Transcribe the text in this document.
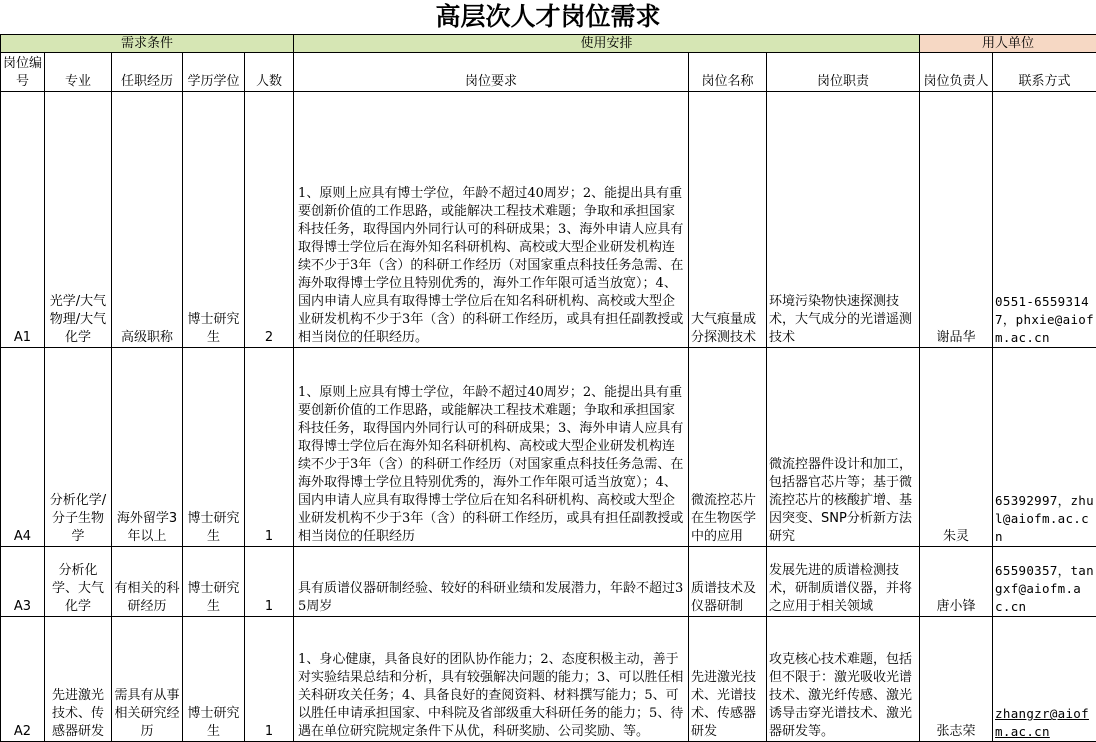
高层次人才岗位需求
需求条件					使用安排			用人单位	
岗位编号	专业	任职经历	学历学位	人数	岗位要求	岗位名称	岗位职责	岗位负责人	联系方式
A1	光学/大气物理/大气化学	高级职称	博士研究生	2	1、原则上应具有博士学位，年龄不超过40周岁；2、能提出具有重要创新价值的工作思路，或能解决工程技术难题；争取和承担国家科技任务，取得国内外同行认可的科研成果；3、海外申请人应具有取得博士学位后在海外知名科研机构、高校或大型企业研发机构连续不少于3年（含）的科研工作经历（对国家重点科技任务急需、在海外取得博士学位且特别优秀的，海外工作年限可适当放宽）；4、国内申请人应具有取得博士学位后在知名科研机构、高校或大型企业研发机构不少于3年（含）的科研工作经历，或具有担任副教授或相当岗位的任职经历。	大气痕量成分探测技术	环境污染物快速探测技术，大气成分的光谱遥测技术	谢品华	0551-65593147，phxie@aiofm.ac.cn
A4	分析化学/分子生物学	海外留学3年以上	博士研究生	1	1、原则上应具有博士学位，年龄不超过40周岁；2、能提出具有重要创新价值的工作思路，或能解决工程技术难题；争取和承担国家科技任务，取得国内外同行认可的科研成果；3、海外申请人应具有取得博士学位后在海外知名科研机构、高校或大型企业研发机构连续不少于3年（含）的科研工作经历（对国家重点科技任务急需、在海外取得博士学位且特别优秀的，海外工作年限可适当放宽）；4、国内申请人应具有取得博士学位后在知名科研机构、高校或大型企业研发机构不少于3年（含）的科研工作经历，或具有担任副教授或相当岗位的任职经历	微流控芯片在生物医学中的应用	微流控器件设计和加工，包括器官芯片等；基于微流控芯片的核酸扩增、基因突变、SNP分析新方法研究	朱灵	65392997，zhul@aiofm.ac.cn
A3	分析化学、大气化学	有相关的科研经历	博士研究生	1	具有质谱仪器研制经验、较好的科研业绩和发展潜力，年龄不超过35周岁	质谱技术及仪器研制	发展先进的质谱检测技术，研制质谱仪器，并将之应用于相关领域	唐小锋	65590357，tangxf@aiofm.ac.cn
A2	先进激光技术、传感器研发	需具有从事相关研究经历	博士研究生	1	1、身心健康，具备良好的团队协作能力；2、态度积极主动，善于对实验结果总结和分析，具有较强解决问题的能力；3、可以胜任相关科研攻关任务；4、具备良好的查阅资料、材料撰写能力；5、可以胜任申请承担国家、中科院及省部级重大科研任务的能力；5、待遇在单位研究院规定条件下从优，科研奖励、公司奖励、等。	先进激光技术、光谱技术、传感器研发	攻克核心技术难题，包括但不限于：激光吸收光谱技术、激光纤传感、激光诱导击穿光谱技术、激光器研发等。	张志荣	zhangzr@aiofm.ac.cn
